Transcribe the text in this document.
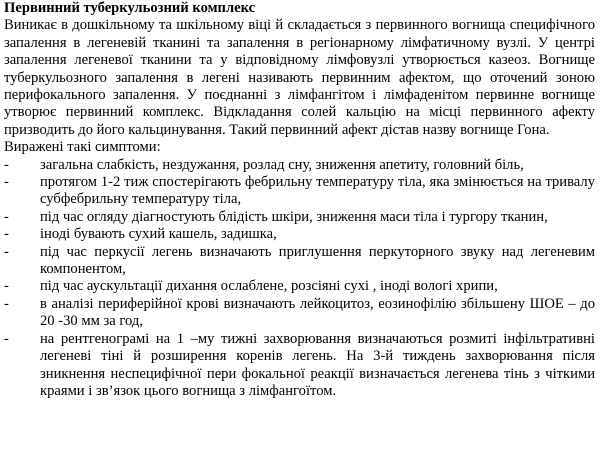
Первинний туберкульозний комплекс

Виникає в дошкільному та шкільному віці й складається з первинного вогнища специфічного запалення в легеневій тканині та запалення в регіонарному лімфатичному вузлі. У центрі запалення легеневої тканини та у відповідному лімфовузлі утворюється казеоз. Вогнище туберкульозного запалення в легені називають первинним афектом, що оточений зоною перифокального запалення. У поєднанні з лімфангітом і лімфаденітом первинне вогнище утворює первинний комплекс. Відкладання солей кальцію на місці первинного афекту призводить до його кальцинування. Такий первинний афект дістав назву вогнище Гона.

Виражені такі симптоми:
- загальна слабкість, нездужання, розлад сну, зниження апетиту, головний біль,
- протягом 1-2 тиж спостерігають фебрильну температуру тіла, яка змінюється на тривалу субфебрильну температуру тіла,
- під час огляду діагностують блідість шкіри, зниження маси тіла і тургору тканин,
- іноді бувають сухий кашель, задишка,
- під час перкусії легень визначають приглушення перкуторного звуку над легеневим компонентом,
- під час аускультації дихання ослаблене, розсіяні сухі , іноді вологі хрипи,
- в аналізі периферійної крові визначають лейкоцитоз, еозинофілію збільшену ШОЕ – до 20 -30 мм за год,
- на рентгенограмі на 1 –му тижні захворювання визначаються розмиті інфільтративні легеневі тіні й розширення коренів легень. На 3-й тиждень захворювання після зникнення неспецифічної пери фокальної реакції визначається легенева тінь з чіткими краями і зв’язок цього вогнища з лімфангоїтом.
